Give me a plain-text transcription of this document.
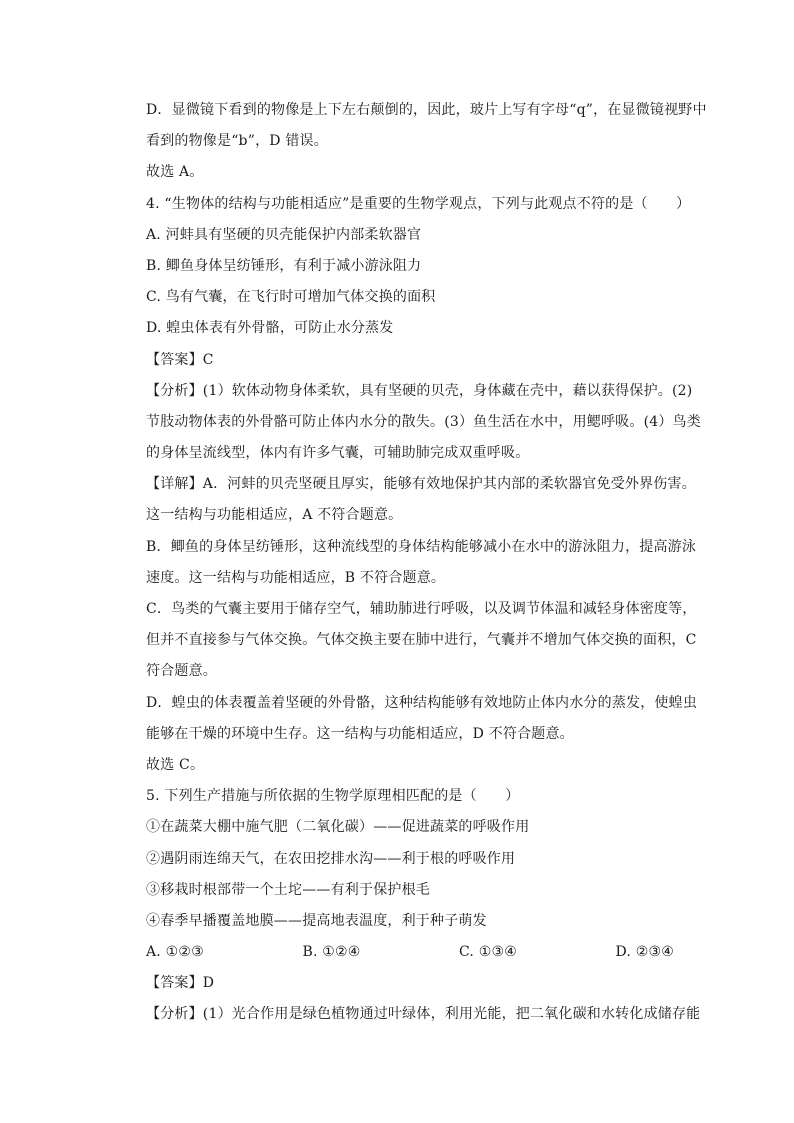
D．显微镜下看到的物像是上下左右颠倒的，因此，玻片上写有字母“q”，在显微镜视野中
看到的物像是“b”，D 错误。
故选 A。
4. “生物体的结构与功能相适应”是重要的生物学观点，下列与此观点不符的是（　　）
A. 河蚌具有坚硬的贝壳能保护内部柔软器官
B. 鲫鱼身体呈纺锤形，有利于减小游泳阻力
C. 鸟有气囊，在飞行时可增加气体交换的面积
D. 蝗虫体表有外骨骼，可防止水分蒸发
【答案】C
【分析】(1）软体动物身体柔软，具有坚硬的贝壳，身体藏在壳中，藉以获得保护。(2)
节肢动物体表的外骨骼可防止体内水分的散失。(3）鱼生活在水中，用鳃呼吸。(4）鸟类
的身体呈流线型，体内有许多气囊，可辅助肺完成双重呼吸。
【详解】A．河蚌的贝壳坚硬且厚实，能够有效地保护其内部的柔软器官免受外界伤害。
这一结构与功能相适应，A 不符合题意。
B．鲫鱼的身体呈纺锤形，这种流线型的身体结构能够减小在水中的游泳阻力，提高游泳
速度。这一结构与功能相适应，B 不符合题意。
C．鸟类的气囊主要用于储存空气，辅助肺进行呼吸，以及调节体温和减轻身体密度等，
但并不直接参与气体交换。气体交换主要在肺中进行，气囊并不增加气体交换的面积，C
符合题意。
D．蝗虫的体表覆盖着坚硬的外骨骼，这种结构能够有效地防止体内水分的蒸发，使蝗虫
能够在干燥的环境中生存。这一结构与功能相适应，D 不符合题意。
故选 C。
5. 下列生产措施与所依据的生物学原理相匹配的是（　　）
①在蔬菜大棚中施气肥（二氧化碳）——促进蔬菜的呼吸作用
②遇阴雨连绵天气，在农田挖排水沟——利于根的呼吸作用
③移栽时根部带一个土坨——有利于保护根毛
④春季早播覆盖地膜——提高地表温度，利于种子萌发
A. ①②③	B. ①②④	C. ①③④	D. ②③④
【答案】D
【分析】(1）光合作用是绿色植物通过叶绿体，利用光能，把二氧化碳和水转化成储存能
